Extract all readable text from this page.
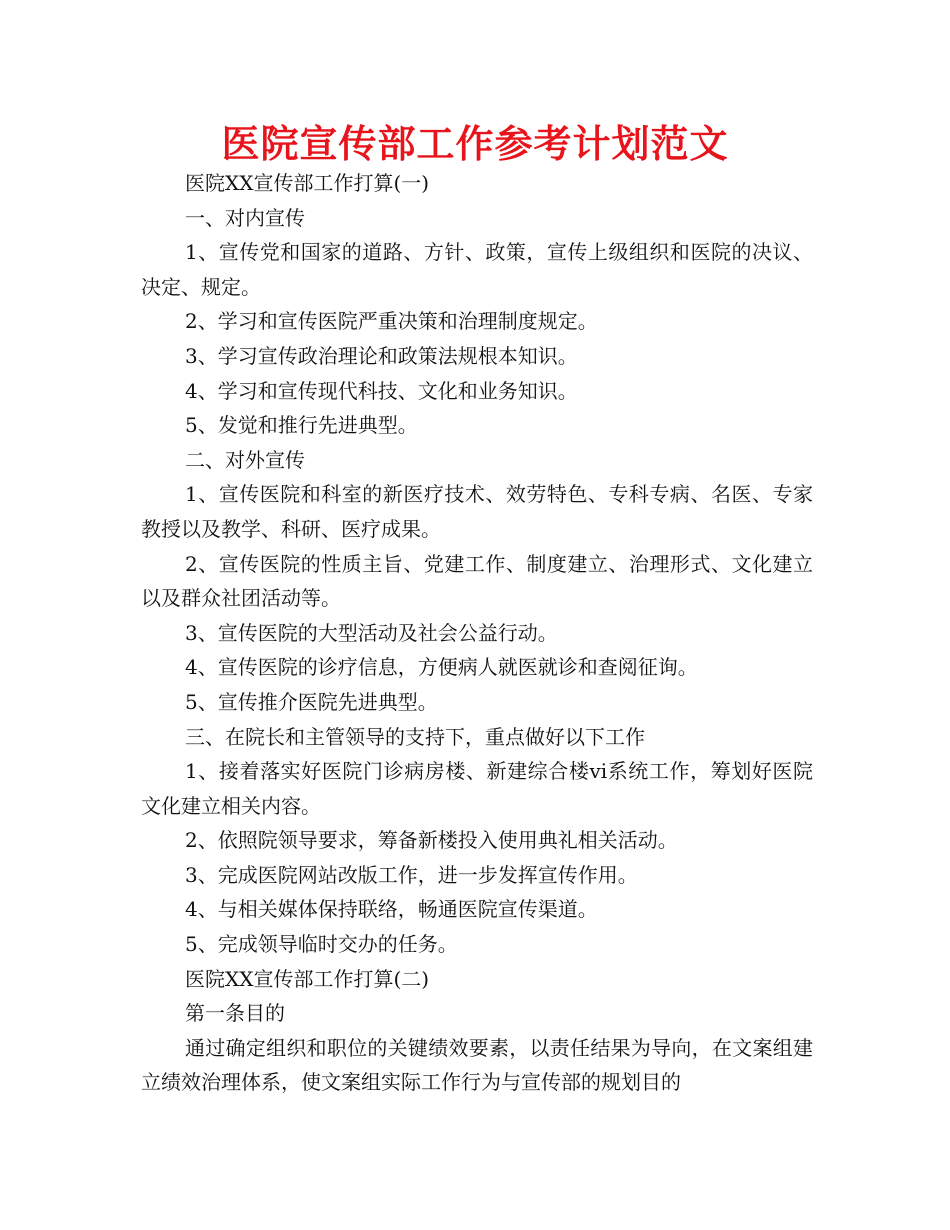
医院宣传部工作参考计划范文

医院XX宣传部工作打算(一)

一、对内宣传

1、宣传党和国家的道路、方针、政策，宣传上级组织和医院的决议、决定、规定。

2、学习和宣传医院严重决策和治理制度规定。

3、学习宣传政治理论和政策法规根本知识。

4、学习和宣传现代科技、文化和业务知识。

5、发觉和推行先进典型。

二、对外宣传

1、宣传医院和科室的新医疗技术、效劳特色、专科专病、名医、专家教授以及教学、科研、医疗成果。

2、宣传医院的性质主旨、党建工作、制度建立、治理形式、文化建立以及群众社团活动等。

3、宣传医院的大型活动及社会公益行动。

4、宣传医院的诊疗信息，方便病人就医就诊和查阅征询。

5、宣传推介医院先进典型。

三、在院长和主管领导的支持下，重点做好以下工作

1、接着落实好医院门诊病房楼、新建综合楼vi系统工作，筹划好医院文化建立相关内容。

2、依照院领导要求，筹备新楼投入使用典礼相关活动。

3、完成医院网站改版工作，进一步发挥宣传作用。

4、与相关媒体保持联络，畅通医院宣传渠道。

5、完成领导临时交办的任务。

医院XX宣传部工作打算(二)

第一条目的

通过确定组织和职位的关键绩效要素，以责任结果为导向，在文案组建立绩效治理体系，使文案组实际工作行为与宣传部的规划目的
